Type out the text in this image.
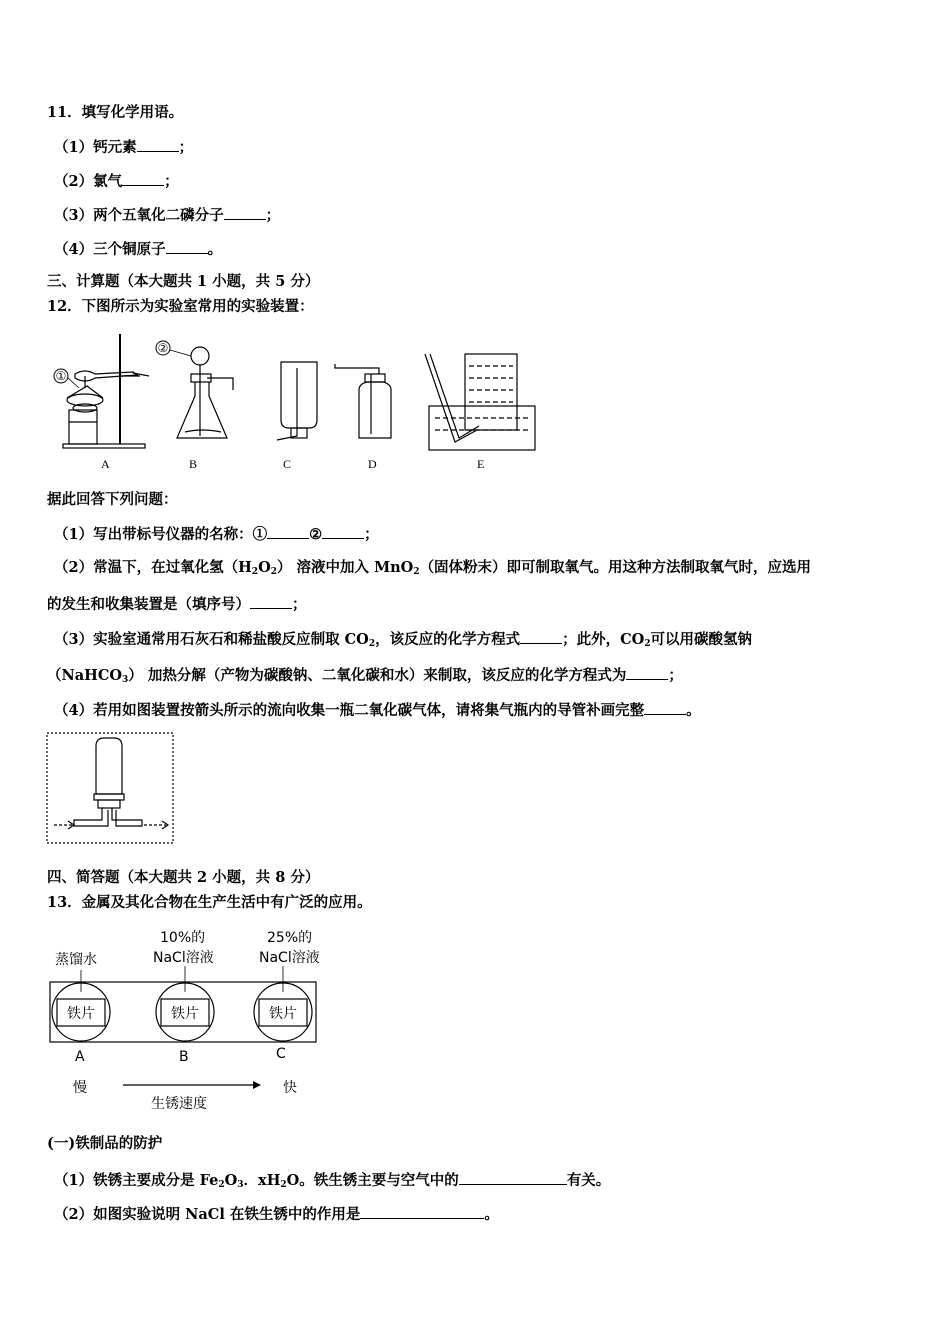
11．填写化学用语。
（1）钙元素	；
（2）氯气	；
（3）两个五氧化二磷分子	；
（4）三个铜原子	。
三、计算题（本大题共 1 小题，共 5 分）
12．下图所示为实验室常用的实验装置：
①
②
A	B	C	D	E
据此回答下列问题：
（1）写出带标号仪器的名称：①	②	；
（2）常温下，在过氧化氢$(H_2O_2)$ 溶液中加入 MnO$_2$（固体粉末）即可制取氧气。用这种方法制取氧气时，应选用
的发生和收集装置是（填序号）	；
（3）实验室通常用石灰石和稀盐酸反应制取 $CO_2$，该反应的化学方程式	；此外，$CO_2$可以用碳酸氢钠
（NaHCO$_3$） 加热分解（产物为碳酸钠、二氧化碳和水）来制取，该反应的化学方程式为	；
（4）若用如图装置按箭头所示的流向收集一瓶二氧化碳气体，请将集气瓶内的导管补画完整	。
四、简答题（本大题共 2 小题，共 8 分）
13．金属及其化合物在生产生活中有广泛的应用。
蒸馏水
10%的
NaCl溶液
25%的
NaCl溶液
铁片	铁片	铁片
A	B	C
慢	快
生锈速度
(一)铁制品的防护
（1）铁锈主要成分是 $Fe_2O_3$．$xH_2O$。铁生锈主要与空气中的	有关。
（2）如图实验说明 NaCl 在铁生锈中的作用是	。
